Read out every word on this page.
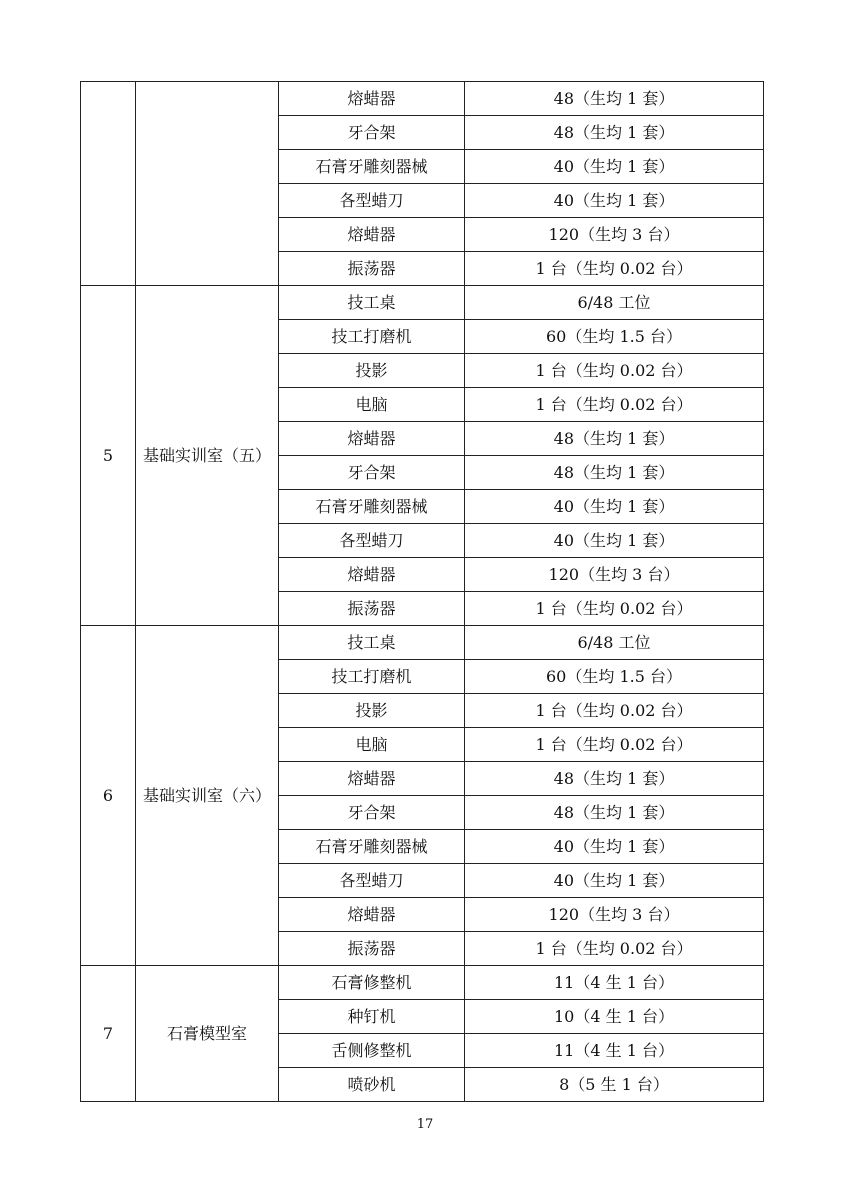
		熔蜡器	48（生均 1 套）
		牙合架	48（生均 1 套）
		石膏牙雕刻器械	40（生均 1 套）
		各型蜡刀	40（生均 1 套）
		熔蜡器	120（生均 3 台）
		振荡器	1 台（生均 0.02 台）
5	基础实训室（五）	技工桌	6/48 工位
		技工打磨机	60（生均 1.5 台）
		投影	1 台（生均 0.02 台）
		电脑	1 台（生均 0.02 台）
		熔蜡器	48（生均 1 套）
		牙合架	48（生均 1 套）
		石膏牙雕刻器械	40（生均 1 套）
		各型蜡刀	40（生均 1 套）
		熔蜡器	120（生均 3 台）
		振荡器	1 台（生均 0.02 台）
6	基础实训室（六）	技工桌	6/48 工位
		技工打磨机	60（生均 1.5 台）
		投影	1 台（生均 0.02 台）
		电脑	1 台（生均 0.02 台）
		熔蜡器	48（生均 1 套）
		牙合架	48（生均 1 套）
		石膏牙雕刻器械	40（生均 1 套）
		各型蜡刀	40（生均 1 套）
		熔蜡器	120（生均 3 台）
		振荡器	1 台（生均 0.02 台）
7	石膏模型室	石膏修整机	11（4 生 1 台）
		种钉机	10（4 生 1 台）
		舌侧修整机	11（4 生 1 台）
		喷砂机	8（5 生 1 台）
17
